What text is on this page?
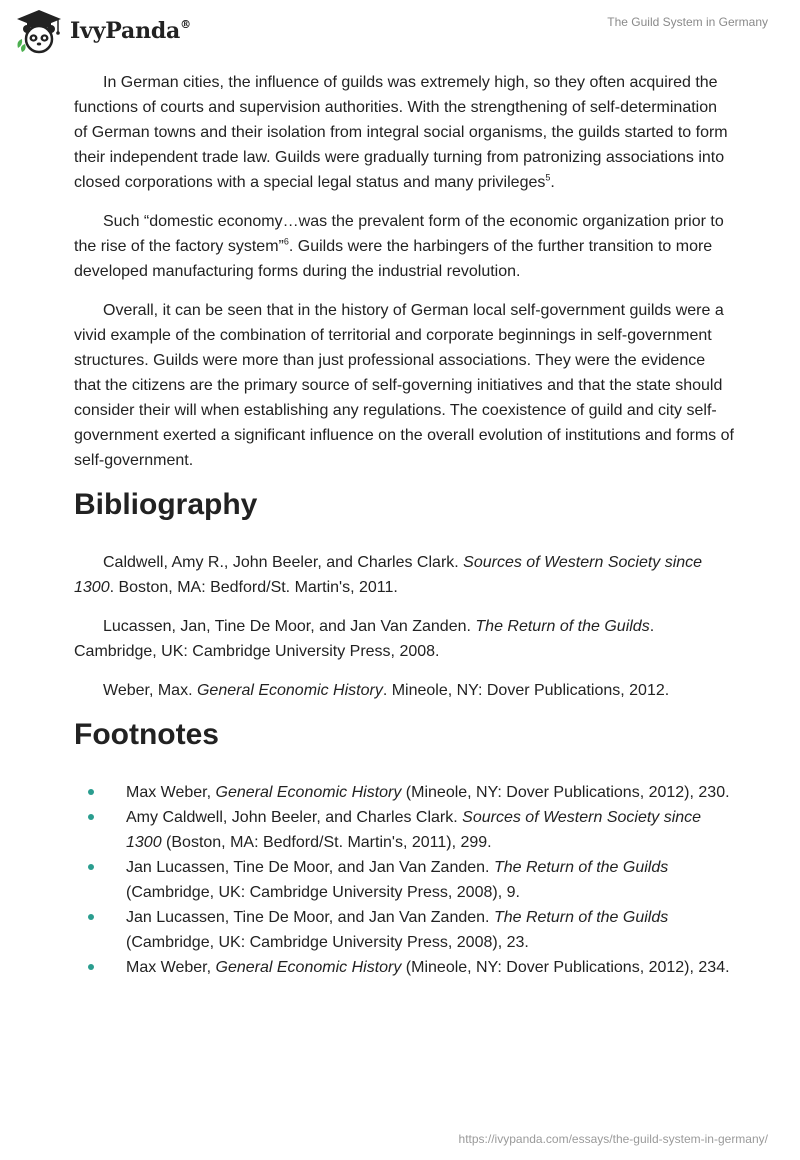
IvyPanda®	The Guild System in Germany

In German cities, the influence of guilds was extremely high, so they often acquired the functions of courts and supervision authorities. With the strengthening of self-determination of German towns and their isolation from integral social organisms, the guilds started to form their independent trade law. Guilds were gradually turning from patronizing associations into closed corporations with a special legal status and many privileges$^5$.

Such “domestic economy…was the prevalent form of the economic organization prior to the rise of the factory system”$^6$. Guilds were the harbingers of the further transition to more developed manufacturing forms during the industrial revolution.

Overall, it can be seen that in the history of German local self-government guilds were a vivid example of the combination of territorial and corporate beginnings in self-government structures. Guilds were more than just professional associations. They were the evidence that the citizens are the primary source of self-governing initiatives and that the state should consider their will when establishing any regulations. The coexistence of guild and city self-government exerted a significant influence on the overall evolution of institutions and forms of self-government.

Bibliography

Caldwell, Amy R., John Beeler, and Charles Clark. Sources of Western Society since 1300. Boston, MA: Bedford/St. Martin's, 2011.

Lucassen, Jan, Tine De Moor, and Jan Van Zanden. The Return of the Guilds. Cambridge, UK: Cambridge University Press, 2008.

Weber, Max. General Economic History. Mineole, NY: Dover Publications, 2012.

Footnotes
Max Weber, General Economic History (Mineole, NY: Dover Publications, 2012), 230.
Amy Caldwell, John Beeler, and Charles Clark. Sources of Western Society since 1300 (Boston, MA: Bedford/St. Martin's, 2011), 299.
Jan Lucassen, Tine De Moor, and Jan Van Zanden. The Return of the Guilds (Cambridge, UK: Cambridge University Press, 2008), 9.
Jan Lucassen, Tine De Moor, and Jan Van Zanden. The Return of the Guilds (Cambridge, UK: Cambridge University Press, 2008), 23.
Max Weber, General Economic History (Mineole, NY: Dover Publications, 2012), 234.
https://ivypanda.com/essays/the-guild-system-in-germany/
